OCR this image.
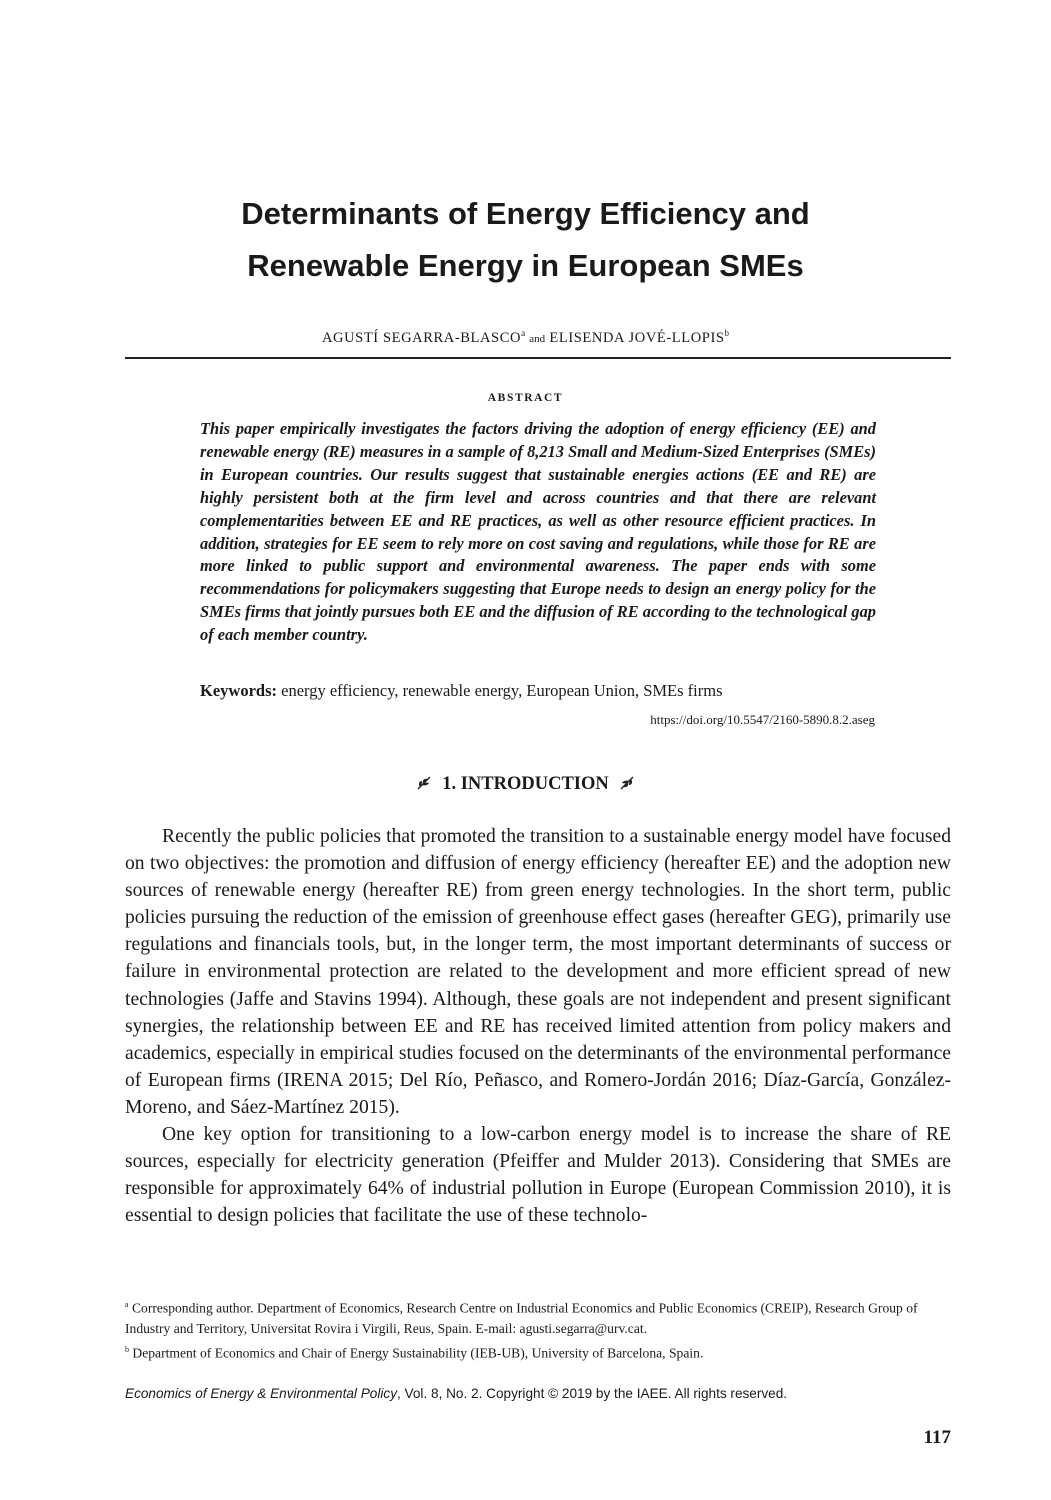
Determinants of Energy Efficiency and
Renewable Energy in European SMEs
AGUSTÍ SEGARRA-BLASCO$^a$ and ELISENDA JOVÉ-LLOPIS$^b$
ABSTRACT

This paper empirically investigates the factors driving the adoption of energy efficiency (EE) and renewable energy (RE) measures in a sample of 8,213 Small and Medium-Sized Enterprises (SMEs) in European countries. Our results suggest that sustainable energies actions (EE and RE) are highly persistent both at the firm level and across countries and that there are relevant complementarities between EE and RE practices, as well as other resource efficient practices. In addition, strategies for EE seem to rely more on cost saving and regulations, while those for RE are more linked to public support and environmental awareness. The paper ends with some recommendations for policymakers suggesting that Europe needs to design an energy policy for the SMEs firms that jointly pursues both EE and the diffusion of RE according to the technological gap of each member country.

Keywords: energy efficiency, renewable energy, European Union, SMEs firms
https://doi.org/10.5547/2160-5890.8.2.aseg
1. INTRODUCTION

Recently the public policies that promoted the transition to a sustainable energy model have focused on two objectives: the promotion and diffusion of energy efficiency (hereafter EE) and the adoption new sources of renewable energy (hereafter RE) from green energy technologies. In the short term, public policies pursuing the reduction of the emission of greenhouse effect gases (hereafter GEG), primarily use regulations and financials tools, but, in the longer term, the most important determinants of success or failure in environmental protection are related to the development and more efficient spread of new technologies (Jaffe and Stavins 1994). Although, these goals are not independent and present significant synergies, the relationship between EE and RE has received limited attention from policy makers and academics, especially in empirical studies focused on the determinants of the environmental performance of European firms (IRENA 2015; Del Río, Peñasco, and Romero-Jordán 2016; Díaz-García, González-Moreno, and Sáez-Martínez 2015).

One key option for transitioning to a low-carbon energy model is to increase the share of RE sources, especially for electricity generation (Pfeiffer and Mulder 2013). Considering that SMEs are responsible for approximately 64% of industrial pollution in Europe (European Commission 2010), it is essential to design policies that facilitate the use of these technolo-

$^a$ Corresponding author. Department of Economics, Research Centre on Industrial Economics and Public Economics (CREIP), Research Group of Industry and Territory, Universitat Rovira i Virgili, Reus, Spain. E-mail: agusti.segarra@urv.cat.

$^b$ Department of Economics and Chair of Energy Sustainability (IEB-UB), University of Barcelona, Spain.

Economics of Energy & Environmental Policy, Vol. 8, No. 2. Copyright © 2019 by the IAEE. All rights reserved.
117
